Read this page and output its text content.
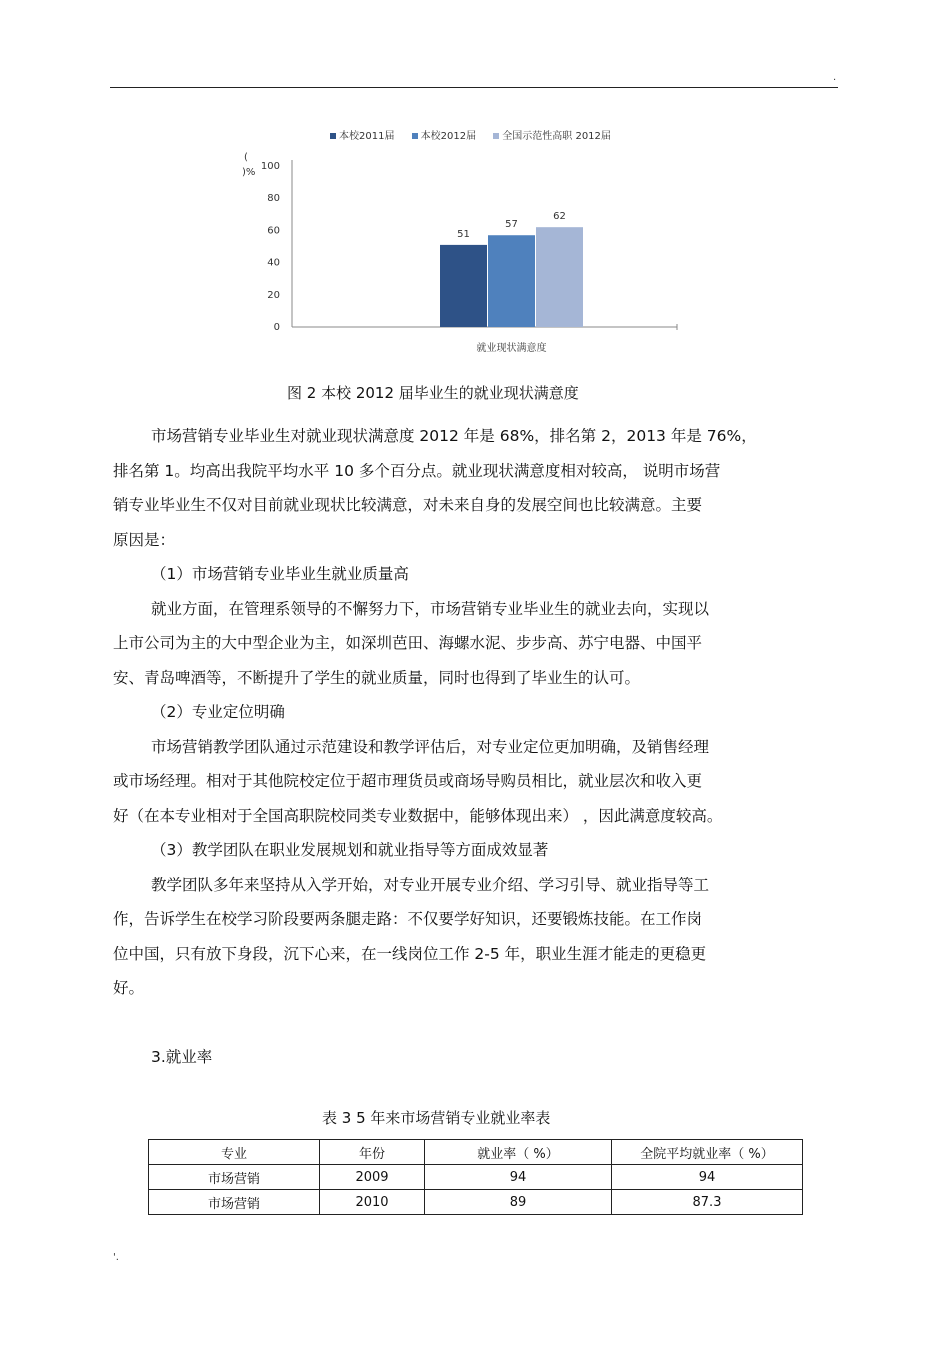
.
本校2011届	本校2012届	全国示范性高职 2012届
0
20
40
60
80
100
(
)%
51
57
62
就业现状满意度
图 2 本校 2012 届毕业生的就业现状满意度

市场营销专业毕业生对就业现状满意度 2012 年是 68%，排名第 2，2013 年是 76%，

排名第 1。均高出我院平均水平 10 多个百分点。就业现状满意度相对较高， 说明市场营

销专业毕业生不仅对目前就业现状比较满意，对未来自身的发展空间也比较满意。主要

原因是：

（1）市场营销专业毕业生就业质量高

就业方面，在管理系领导的不懈努力下，市场营销专业毕业生的就业去向，实现以

上市公司为主的大中型企业为主，如深圳芭田、海螺水泥、步步高、苏宁电器、中国平

安、青岛啤酒等，不断提升了学生的就业质量，同时也得到了毕业生的认可。

（2）专业定位明确

市场营销教学团队通过示范建设和教学评估后，对专业定位更加明确，及销售经理

或市场经理。相对于其他院校定位于超市理货员或商场导购员相比，就业层次和收入更

好（在本专业相对于全国高职院校同类专业数据中，能够体现出来） ，因此满意度较高。

（3）教学团队在职业发展规划和就业指导等方面成效显著

教学团队多年来坚持从入学开始，对专业开展专业介绍、学习引导、就业指导等工

作，告诉学生在校学习阶段要两条腿走路：不仅要学好知识，还要锻炼技能。在工作岗

位中国，只有放下身段，沉下心来，在一线岗位工作 2-5 年，职业生涯才能走的更稳更

好。

3.就业率

表 3 5 年来市场营销专业就业率表
专业	年份	就业率（ %）	全院平均就业率（ %）
市场营销	2009	94	94
市场营销	2010	89	87.3
'.
